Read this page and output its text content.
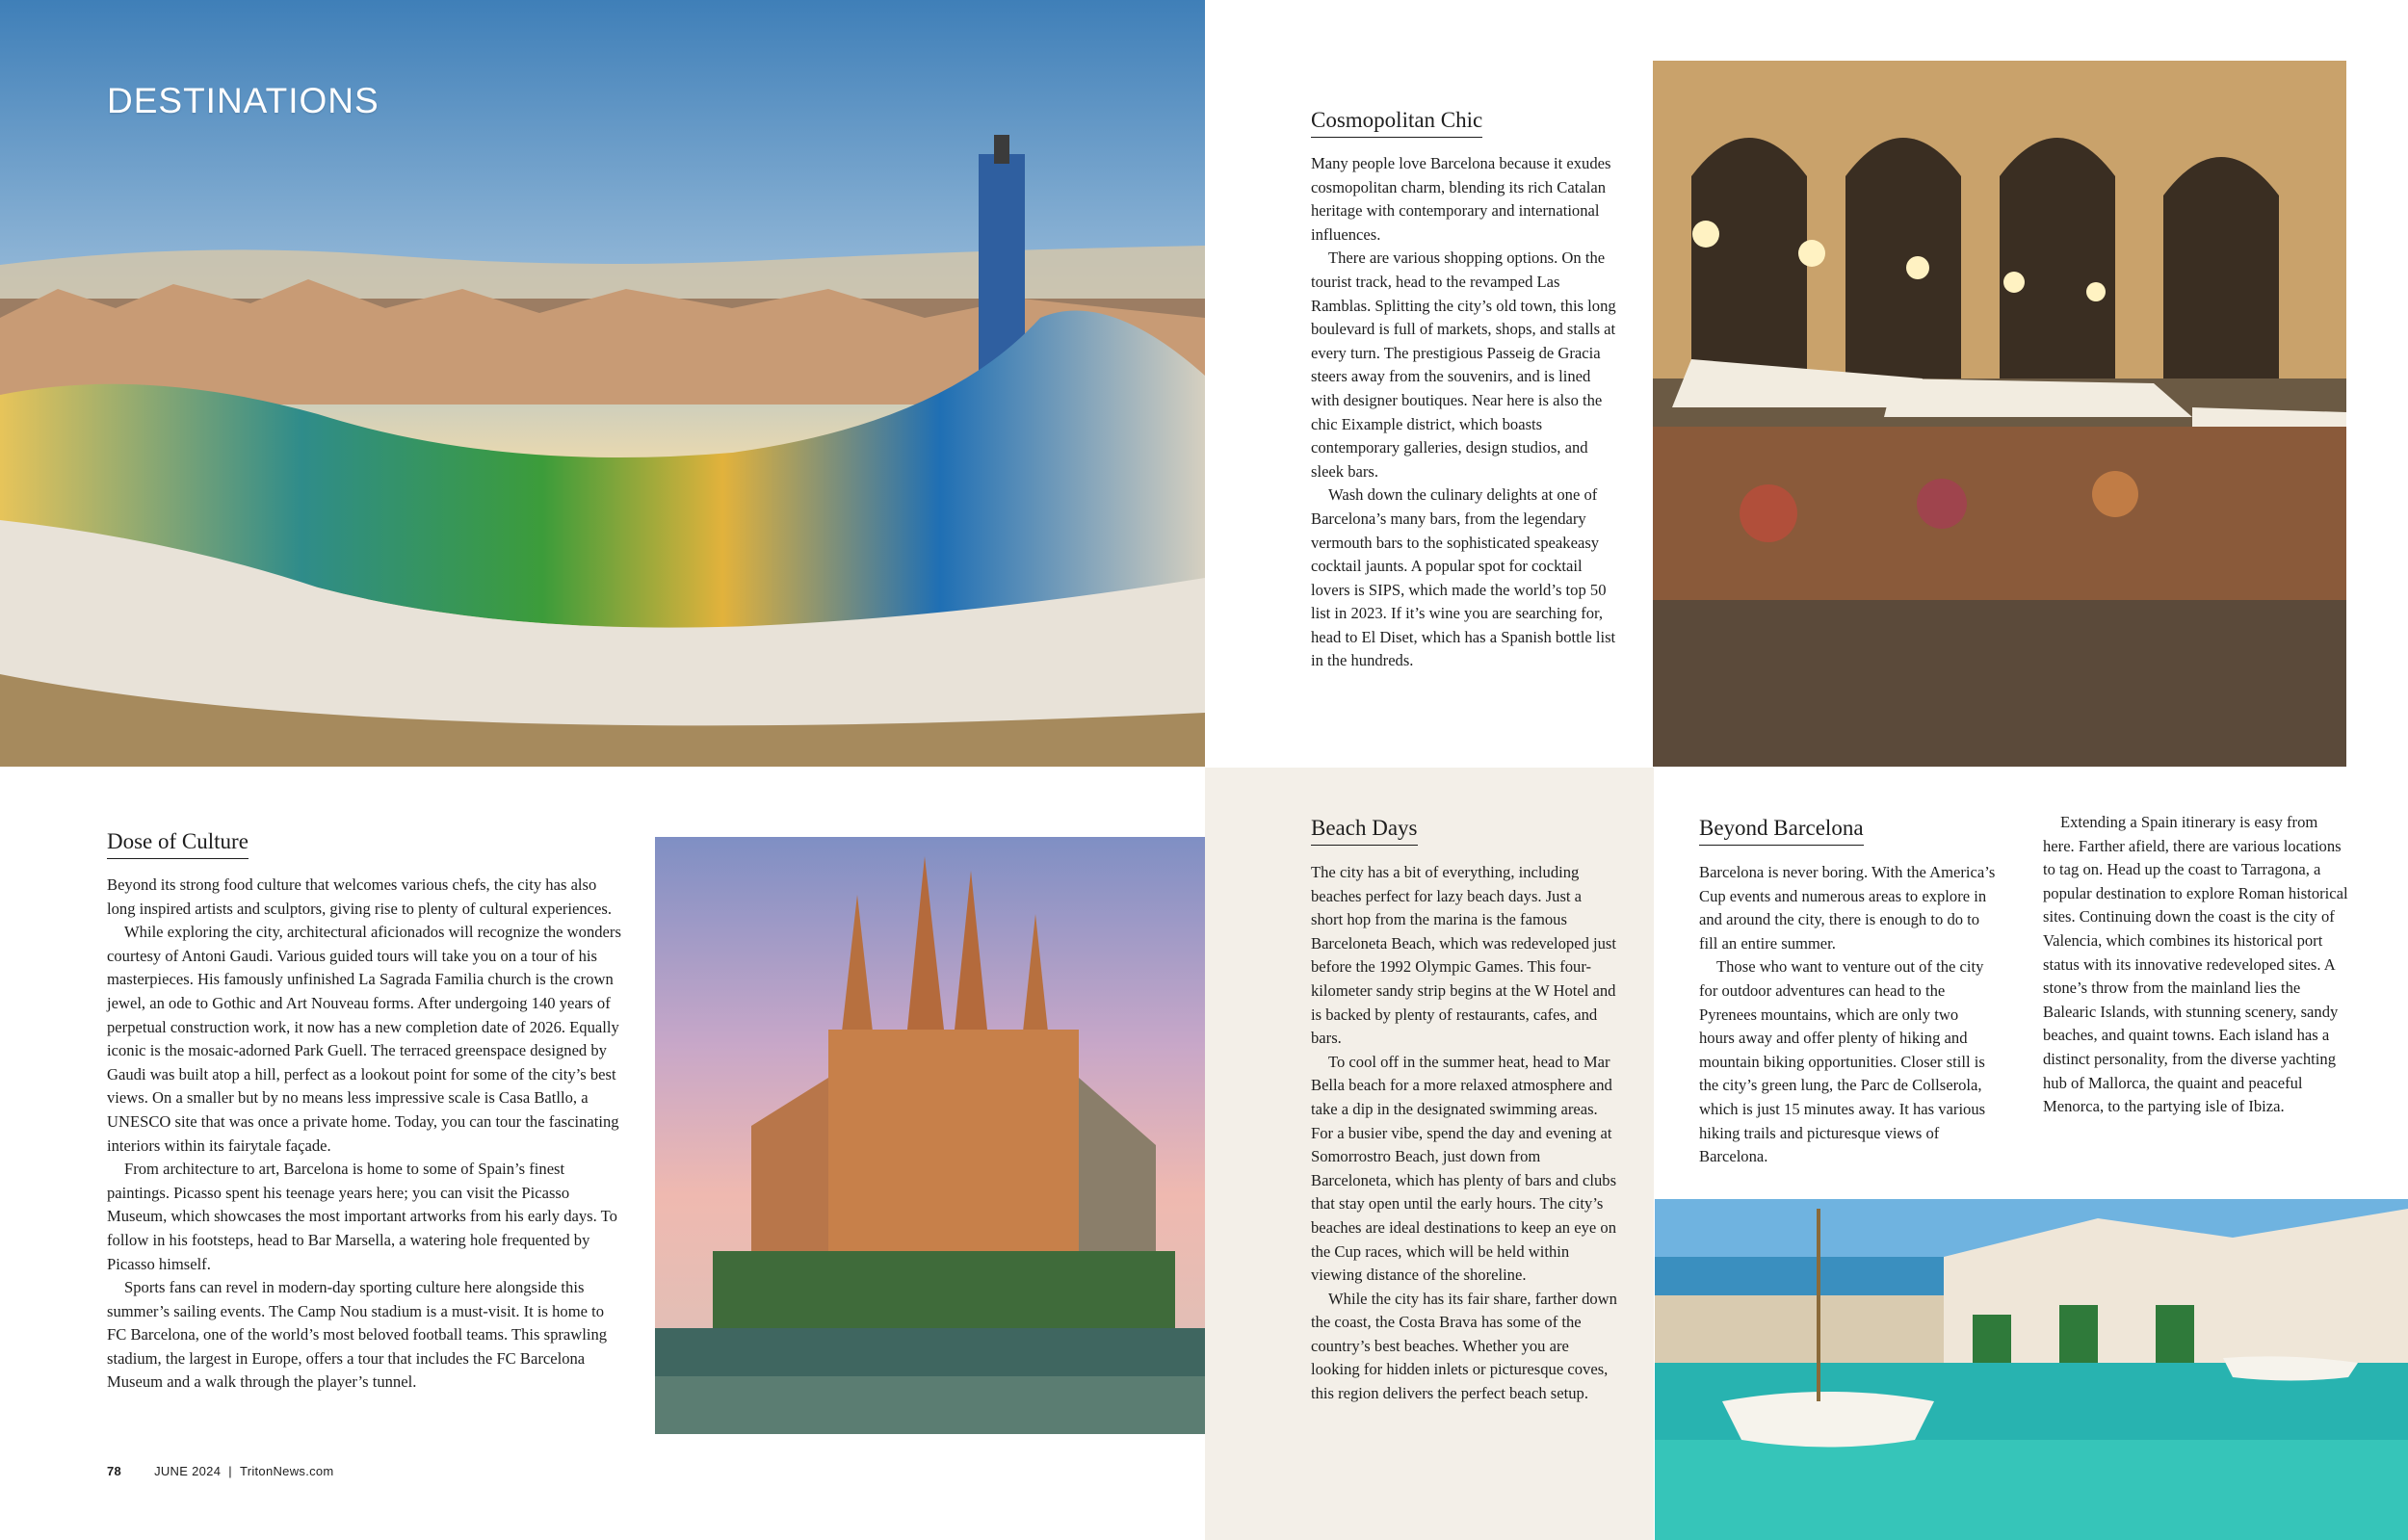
DESTINATIONS
Dose of Culture

Beyond its strong food culture that welcomes various chefs, the city has also long inspired artists and sculptors, giving rise to plenty of cultural experiences.

While exploring the city, architectural aficionados will recognize the wonders courtesy of Antoni Gaudi. Various guided tours will take you on a tour of his masterpieces. His famously unfinished La Sagrada Familia church is the crown jewel, an ode to Gothic and Art Nouveau forms. After undergoing 140 years of perpetual construction work, it now has a new completion date of 2026. Equally iconic is the mosaic-adorned Park Guell. The terraced greenspace designed by Gaudi was built atop a hill, perfect as a lookout point for some of the city’s best views. On a smaller but by no means less impressive scale is Casa Batllo, a UNESCO site that was once a private home. Today, you can tour the fascinating interiors within its fairytale façade.

From architecture to art, Barcelona is home to some of Spain’s finest paintings. Picasso spent his teenage years here; you can visit the Picasso Museum, which showcases the most important artworks from his early days. To follow in his footsteps, head to Bar Marsella, a watering hole frequented by Picasso himself.

Sports fans can revel in modern-day sporting culture here alongside this summer’s sailing events. The Camp Nou stadium is a must-visit. It is home to FC Barcelona, one of the world’s most beloved football teams. This sprawling stadium, the largest in Europe, offers a tour that includes the FC Barcelona Museum and a walk through the player’s tunnel.

78	JUNE 2024 | TritonNews.com
Cosmopolitan Chic

Many people love Barcelona because it exudes cosmopolitan charm, blending its rich Catalan heritage with contemporary and international influences.

There are various shopping options. On the tourist track, head to the revamped Las Ramblas. Splitting the city’s old town, this long boulevard is full of markets, shops, and stalls at every turn. The prestigious Passeig de Gracia steers away from the souvenirs, and is lined with designer boutiques. Near here is also the chic Eixample district, which boasts contemporary galleries, design studios, and sleek bars.

Wash down the culinary delights at one of Barcelona’s many bars, from the legendary vermouth bars to the sophisticated speakeasy cocktail jaunts. A popular spot for cocktail lovers is SIPS, which made the world’s top 50 list in 2023. If it’s wine you are searching for, head to El Diset, which has a Spanish bottle list in the hundreds.

Beach Days

The city has a bit of everything, including beaches perfect for lazy beach days. Just a short hop from the marina is the famous Barceloneta Beach, which was redeveloped just before the 1992 Olympic Games. This four-kilometer sandy strip begins at the W Hotel and is backed by plenty of restaurants, cafes, and bars.

To cool off in the summer heat, head to Mar Bella beach for a more relaxed atmosphere and take a dip in the designated swimming areas. For a busier vibe, spend the day and evening at Somorrostro Beach, just down from Barceloneta, which has plenty of bars and clubs that stay open until the early hours. The city’s beaches are ideal destinations to keep an eye on the Cup races, which will be held within viewing distance of the shoreline.

While the city has its fair share, farther down the coast, the Costa Brava has some of the country’s best beaches. Whether you are looking for hidden inlets or picturesque coves, this region delivers the perfect beach setup.

Beyond Barcelona

Barcelona is never boring. With the America’s Cup events and numerous areas to explore in and around the city, there is enough to do to fill an entire summer.

Those who want to venture out of the city for outdoor adventures can head to the Pyrenees mountains, which are only two hours away and offer plenty of hiking and mountain biking opportunities. Closer still is the city’s green lung, the Parc de Collserola, which is just 15 minutes away. It has various hiking trails and picturesque views of Barcelona.

Extending a Spain itinerary is easy from here. Farther afield, there are various locations to tag on. Head up the coast to Tarragona, a popular destination to explore Roman historical sites. Continuing down the coast is the city of Valencia, which combines its historical port status with its innovative redeveloped sites. A stone’s throw from the mainland lies the Balearic Islands, with stunning scenery, sandy beaches, and quaint towns. Each island has a distinct personality, from the diverse yachting hub of Mallorca, the quaint and peaceful Menorca, to the partying isle of Ibiza.
